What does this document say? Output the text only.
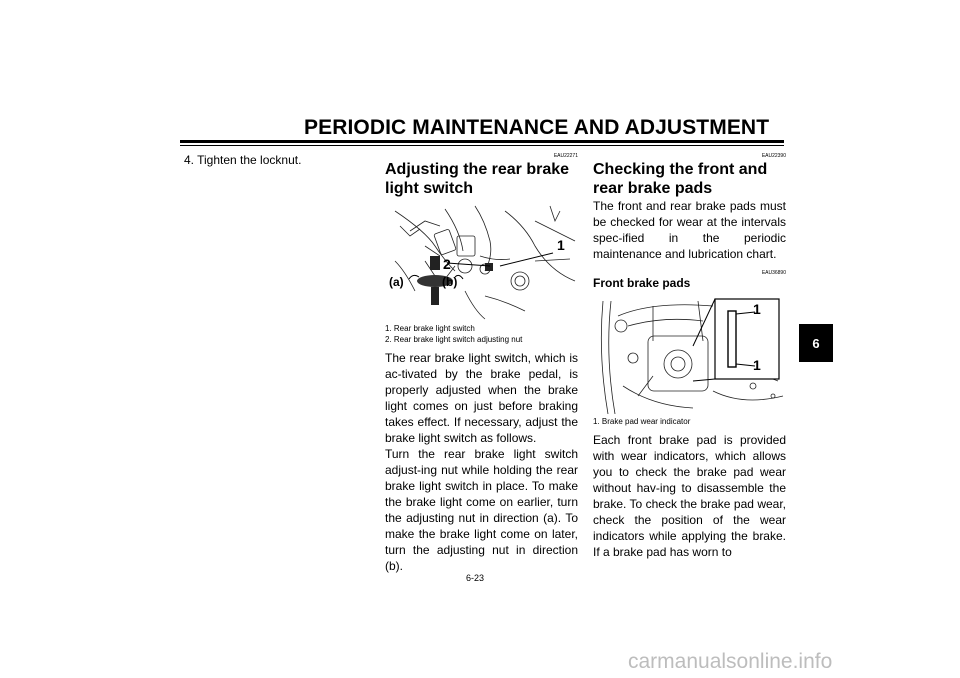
PERIODIC MAINTENANCE AND ADJUSTMENT
4. Tighten the locknut.	EAU22271
Adjusting the rear brake light switch
1
2
(a)	(b)
1. Rear brake light switch
2. Rear brake light switch adjusting nut

The rear brake light switch, which is ac-tivated by the brake pedal, is properly adjusted when the brake light comes on just before braking takes effect. If necessary, adjust the brake light switch as follows.

Turn the rear brake light switch adjust-ing nut while holding the rear brake light switch in place. To make the brake light come on earlier, turn the adjusting nut in direction (a). To make the brake light come on later, turn the adjusting nut in direction (b).

EAU22390
Checking the front and rear brake pads

The front and rear brake pads must be checked for wear at the intervals spec-ified in the periodic maintenance and lubrication chart.

EAU36890
Front brake pads
1
1
1. Brake pad wear indicator

Each front brake pad is provided with wear indicators, which allows you to check the brake pad wear without hav-ing to disassemble the brake. To check the brake pad wear, check the position of the wear indicators while applying the brake. If a brake pad has worn to

6
6-23
carmanualsonline.info
